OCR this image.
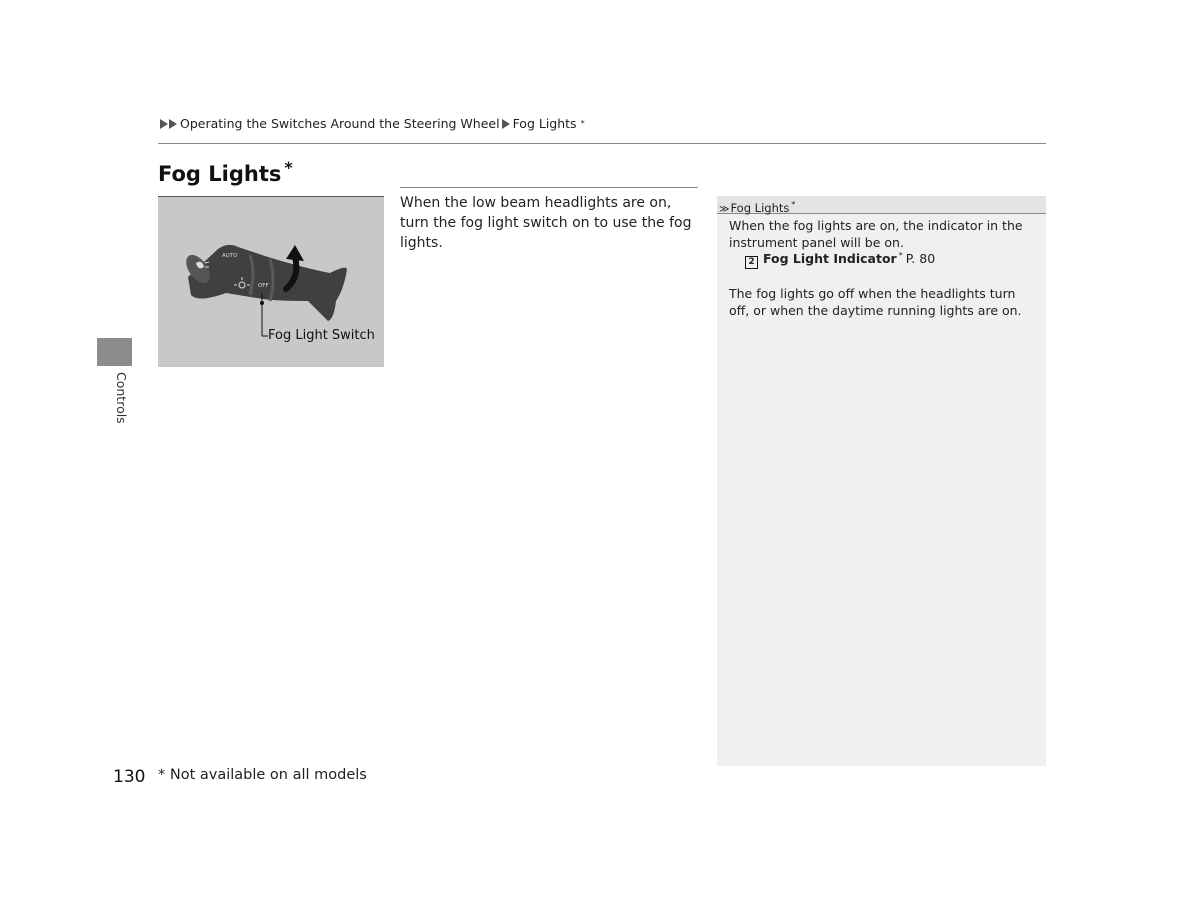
Operating the Switches Around the Steering Wheel Fog Lights *
Fog Lights *
AUTO
OFF
Fog Light Switch
When the low beam headlights are on, turn the fog light switch on to use the fog lights.
≫Fog Lights *
When the fog lights are on, the indicator in the instrument panel will be on.
2 Fog Light Indicator * P. 80
The fog lights go off when the headlights turn off, or when the daytime running lights are on.
Controls
130 * Not available on all models
